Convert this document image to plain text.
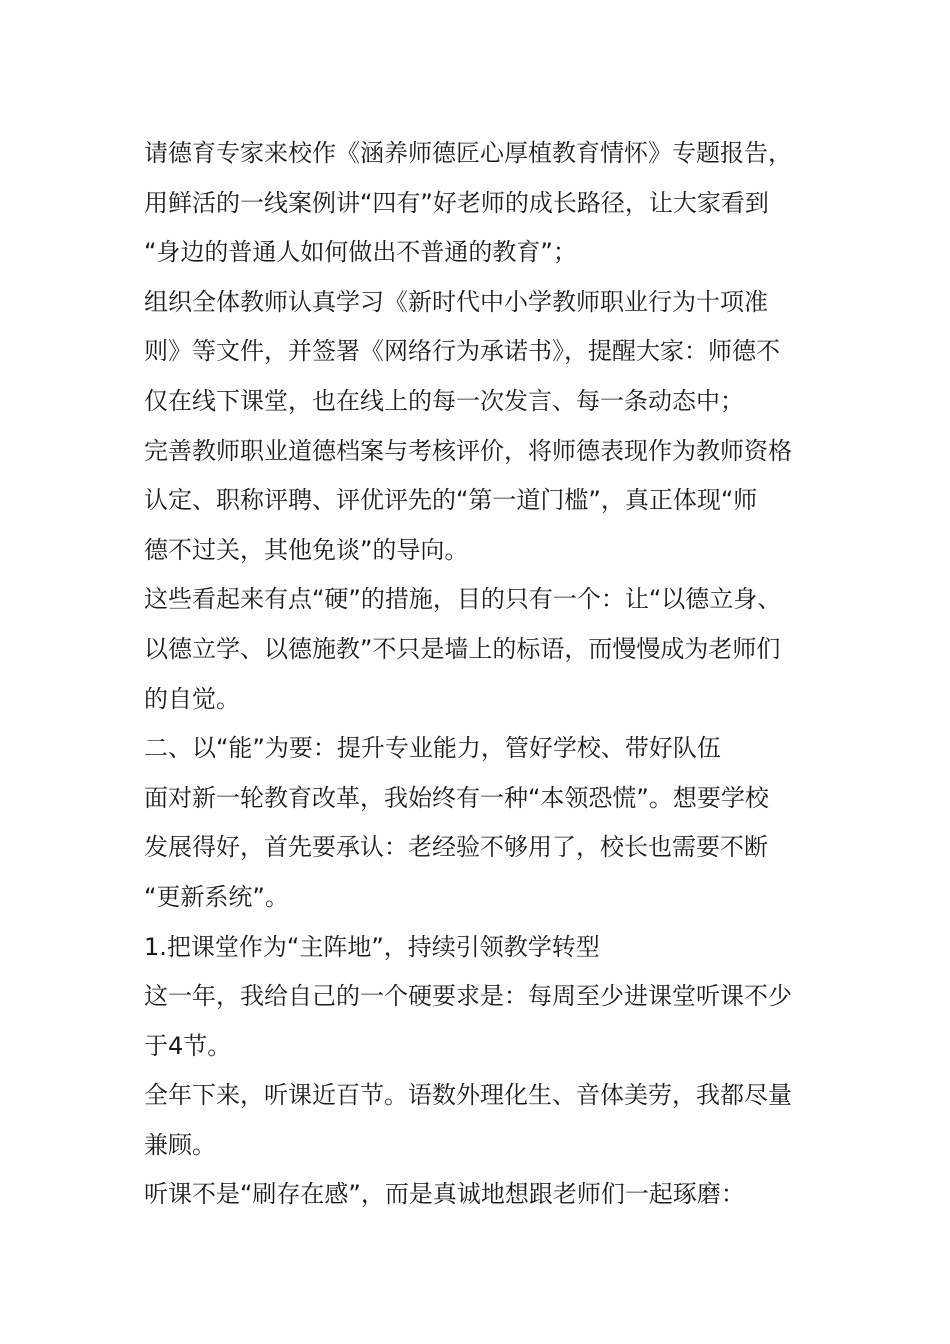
请德育专家来校作《涵养师德匠心厚植教育情怀》专题报告，
用鲜活的一线案例讲“四有”好老师的成长路径，让大家看到
“身边的普通人如何做出不普通的教育”；
组织全体教师认真学习《新时代中小学教师职业行为十项准
则》等文件，并签署《网络行为承诺书》，提醒大家：师德不
仅在线下课堂，也在线上的每一次发言、每一条动态中；
完善教师职业道德档案与考核评价，将师德表现作为教师资格
认定、职称评聘、评优评先的“第一道门槛”，真正体现“师
德不过关，其他免谈”的导向。
这些看起来有点“硬”的措施，目的只有一个：让“以德立身、
以德立学、以德施教”不只是墙上的标语，而慢慢成为老师们
的自觉。
二、以“能”为要：提升专业能力，管好学校、带好队伍
面对新一轮教育改革，我始终有一种“本领恐慌”。想要学校
发展得好，首先要承认：老经验不够用了，校长也需要不断
“更新系统”。
1.把课堂作为“主阵地”，持续引领教学转型
这一年，我给自己的一个硬要求是：每周至少进课堂听课不少
于4节。
全年下来，听课近百节。语数外理化生、音体美劳，我都尽量
兼顾。
听课不是“刷存在感”，而是真诚地想跟老师们一起琢磨：
